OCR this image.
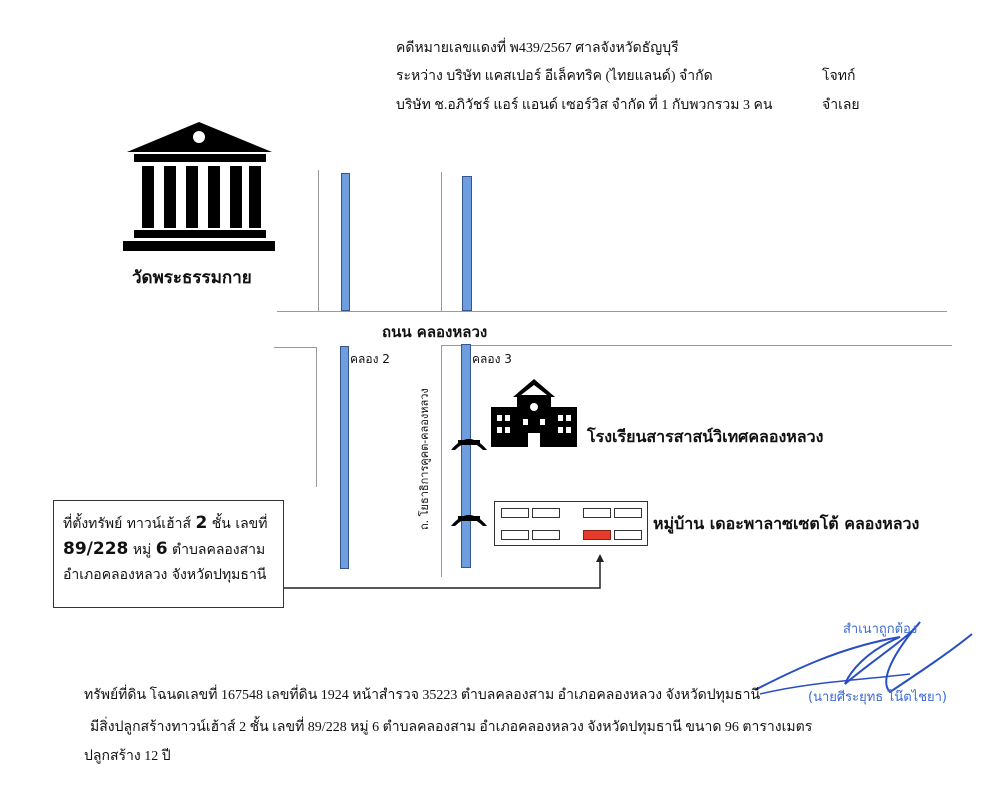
คดีหมายเลขแดงที่ พ439/2567 ศาลจังหวัดธัญบุรี
ระหว่าง บริษัท แคสเปอร์ อีเล็คทริค (ไทยแลนด์) จำกัด	โจทก์
บริษัท ช.อภิวัชร์ แอร์ แอนด์ เซอร์วิส จำกัด ที่ 1 กับพวกรวม 3 คน	จำเลย
วัดพระธรรมกาย
ถนน คลองหลวง
คลอง 2	คลอง 3
ถ. โยธาธิการคูคต-คลองหลวง	โรงเรียนสารสาสน์วิเทศคลองหลวง
หมู่บ้าน เดอะพาลาซเซตโต้ คลองหลวง
ที่ตั้งทรัพย์ ทาวน์เฮ้าส์ 2 ชั้น เลขที่
89/228 หมู่ 6 ตำบลคลองสาม
อำเภอคลองหลวง จังหวัดปทุมธานี
สำเนาถูกต้อง
(นายศีระยุทธ โน๊ตไชยา)
ทรัพย์ที่ดิน โฉนดเลขที่ 167548 เลขที่ดิน 1924 หน้าสำรวจ 35223 ตำบลคลองสาม อำเภอคลองหลวง จังหวัดปทุมธานี
มีสิ่งปลูกสร้างทาวน์เฮ้าส์ 2 ชั้น เลขที่ 89/228 หมู่ 6 ตำบลคลองสาม อำเภอคลองหลวง จังหวัดปทุมธานี ขนาด 96 ตารางเมตร
ปลูกสร้าง 12 ปี
